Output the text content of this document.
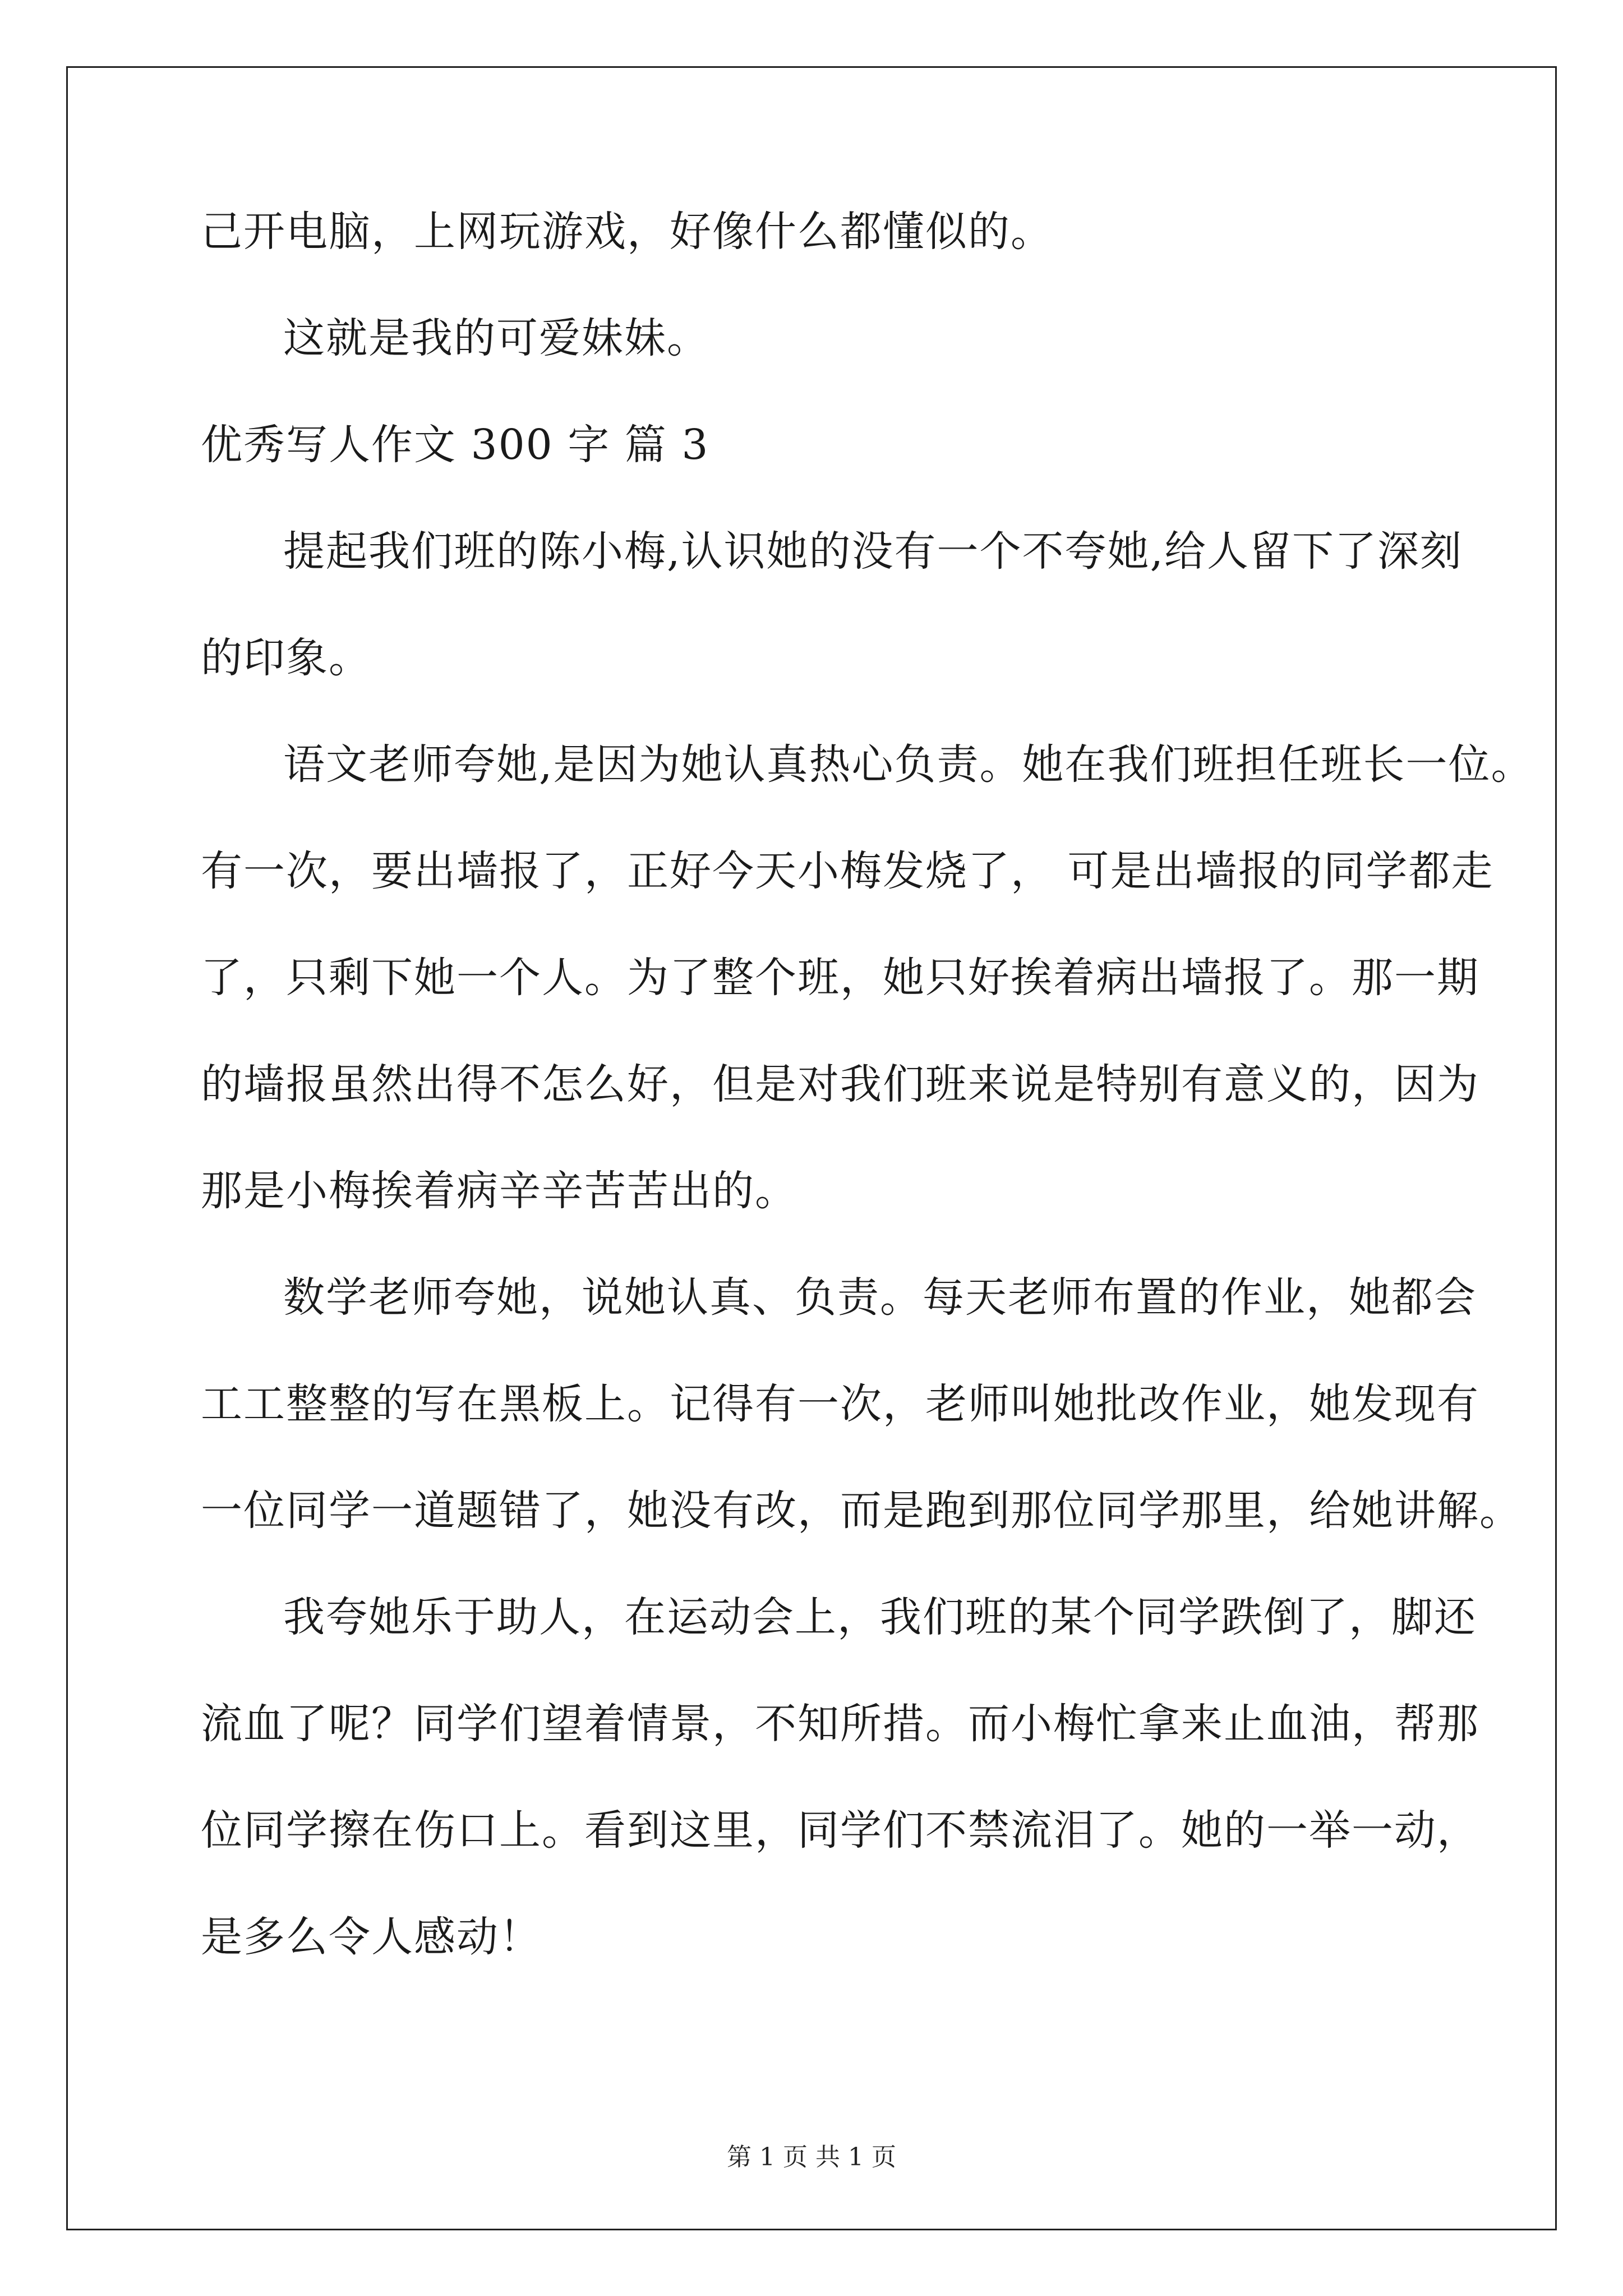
己开电脑，上网玩游戏，好像什么都懂似的。
这就是我的可爱妹妹。
优秀写人作文 300 字 篇 3
提起我们班的陈小梅,认识她的没有一个不夸她,给人留下了深刻
的印象。
语文老师夸她,是因为她认真热心负责。她在我们班担任班长一位。
有一次，要出墙报了，正好今天小梅发烧了， 可是出墙报的同学都走
了，只剩下她一个人。为了整个班，她只好挨着病出墙报了。那一期
的墙报虽然出得不怎么好，但是对我们班来说是特别有意义的，因为
那是小梅挨着病辛辛苦苦出的。
数学老师夸她，说她认真、负责。每天老师布置的作业，她都会
工工整整的写在黑板上。记得有一次，老师叫她批改作业，她发现有
一位同学一道题错了，她没有改，而是跑到那位同学那里，给她讲解。
我夸她乐于助人，在运动会上，我们班的某个同学跌倒了，脚还
流血了呢？同学们望着情景，不知所措。而小梅忙拿来止血油，帮那
位同学擦在伤口上。看到这里，同学们不禁流泪了。她的一举一动，
是多么令人感动！
第 1 页 共 1 页
